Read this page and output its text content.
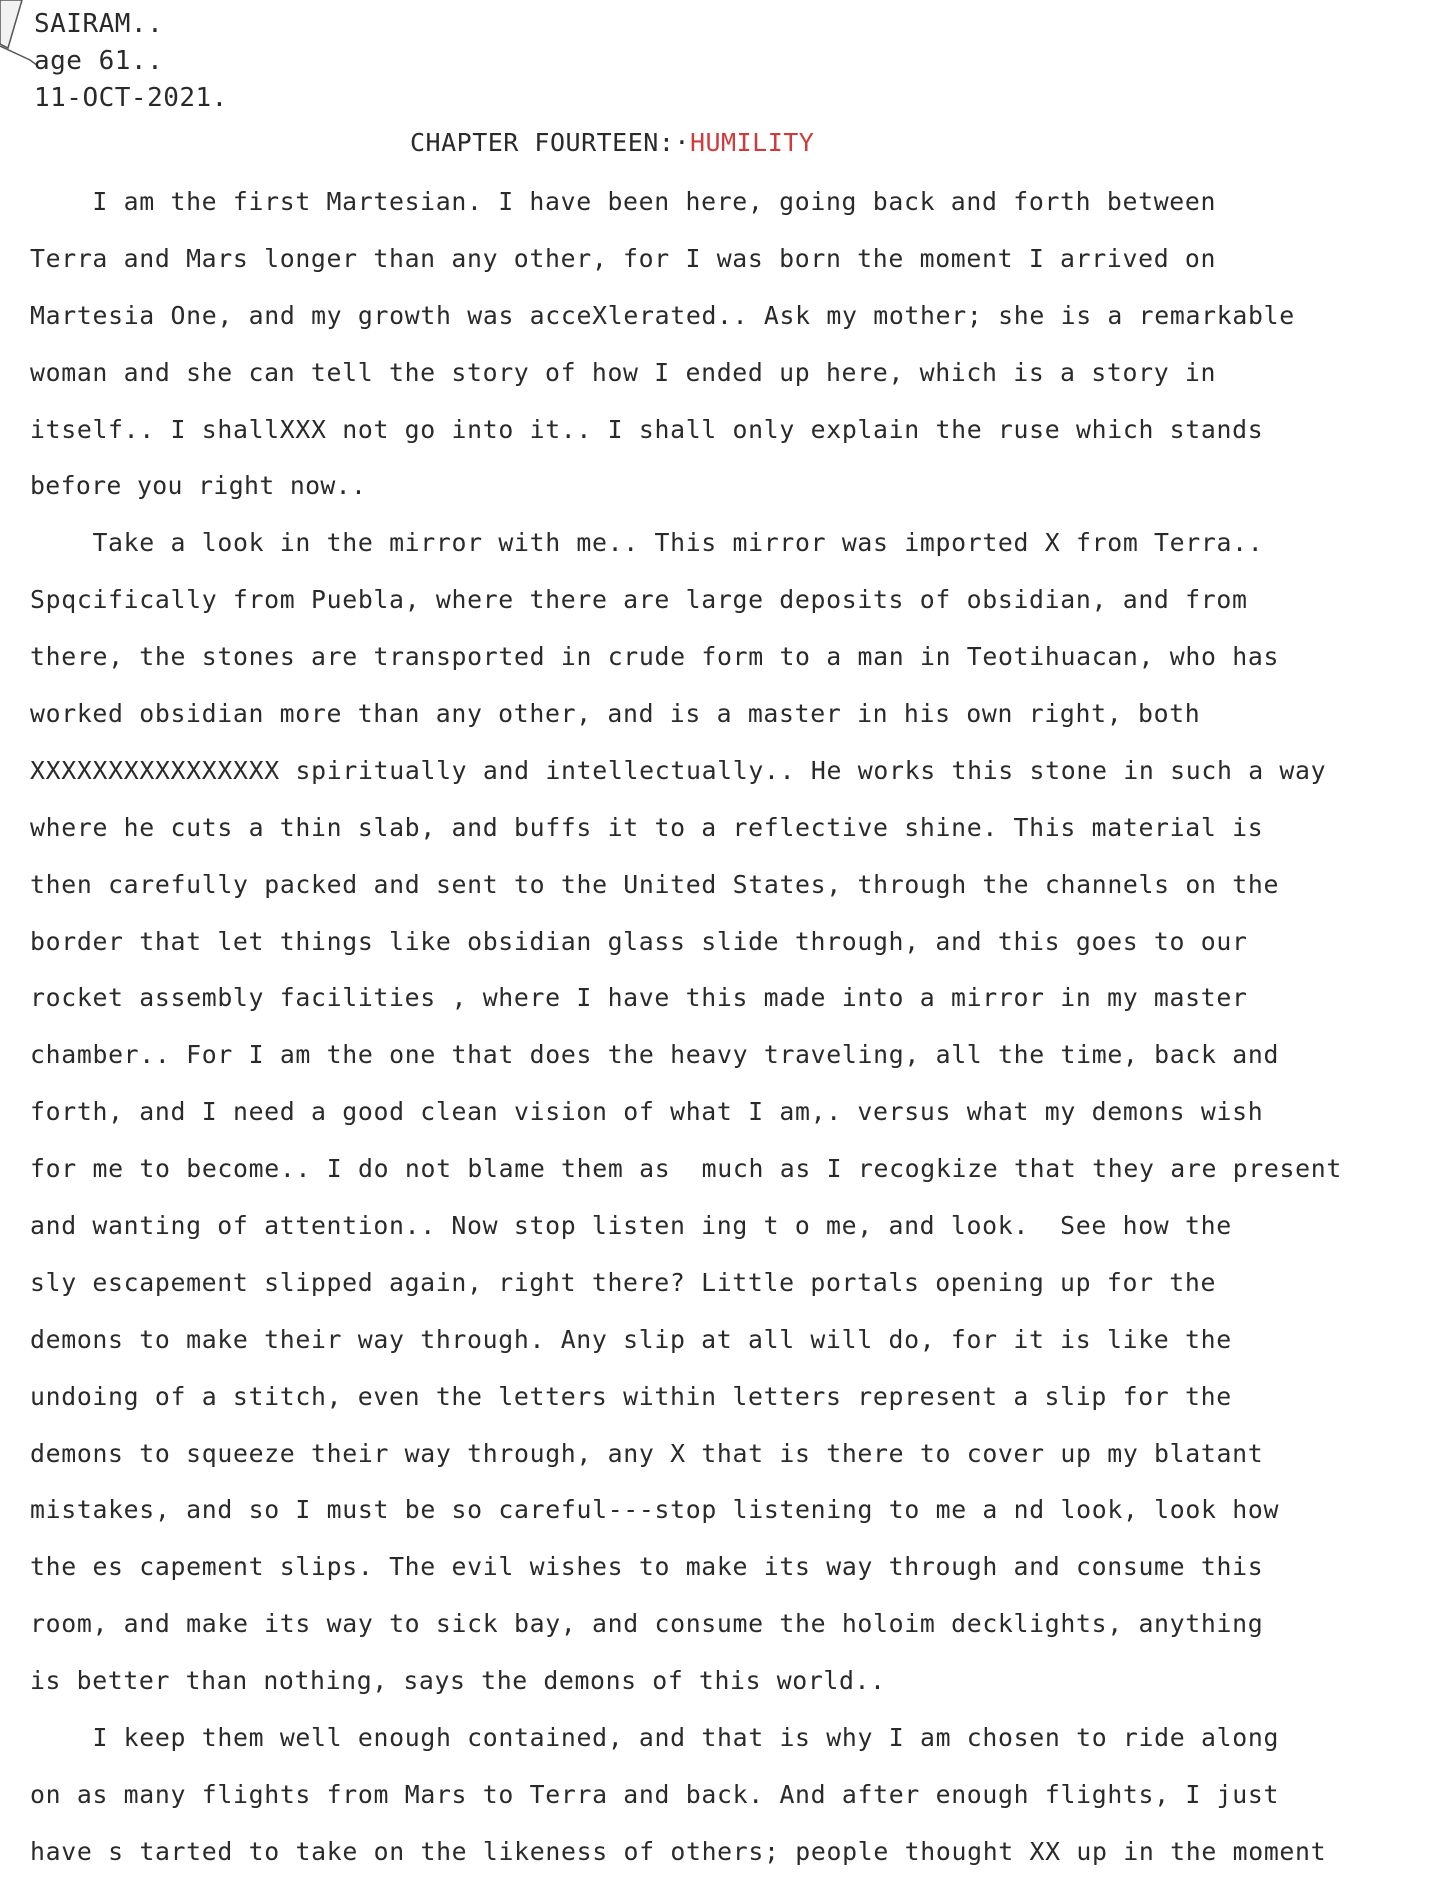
SAIRAM..
age 61..
11-OCT-2021.
CHAPTER FOURTEEN:·HUMILITY
I am the first Martesian. I have been here, going back and forth between
Terra and Mars longer than any other, for I was born the moment I arrived on
Martesia One, and my growth was acceXlerated.. Ask my mother; she is a remarkable
woman and she can tell the story of how I ended up here, which is a story in
itself.. I shallXXX not go into it.. I shall only explain the ruse which stands
before you right now..
Take a look in the mirror with me.. This mirror was imported X from Terra..
Spqcifically from Pueblа, where there are large deposits of obsidian, and from
there, the stones are transported in crude form to a man in Teotihuacan, who has
worked obsidian more than any other, and is a master in his own right, both
XXXXXXXXXXXXXXXX spiritually and intellectually.. He works this stone in such a way
where he cuts a thin slab, and buffs it to a reflective shine. This material is
then carefully packed and sent to the United States, through the channels on the
border that let things like obsidian glass slide through, and this goes to our
rocket assembly facilities , where I have this made into a mirror in my master
chamber.. For I am the one that does the heavy traveling, all the time, back and
forth, and I need a good clean vision of what I am,. versus what my demons wish
for me to become.. I do not blame them as  much as I recogkize that they are present
and wanting of attention.. Now stop listen ing t o me, and look.  See how the
sly escapement slipped again, right there? Little portals opening up for the
demons to make their way through. Any slip at all will do, for it is like the
undoing of a stitch, even the letters within letters represent a slip for the
demons to squeeze their way through, any X that is there to cover up my blatant
mistakes, and so I must be so careful---stop listening to me a nd look, look how
the es capement slips. The evil wishes to make its way through and consume this
room, and make its way to sick bay, and consume the holoim decklights, anything
is better than nothing, says the demons of this world..
I keep them well enough contained, and that is why I am chosen to ride along
on as many flights from Mars to Terra and back. And after enough flights, I just
have s tarted to take on the likeness of others; people thought XX up in the moment
